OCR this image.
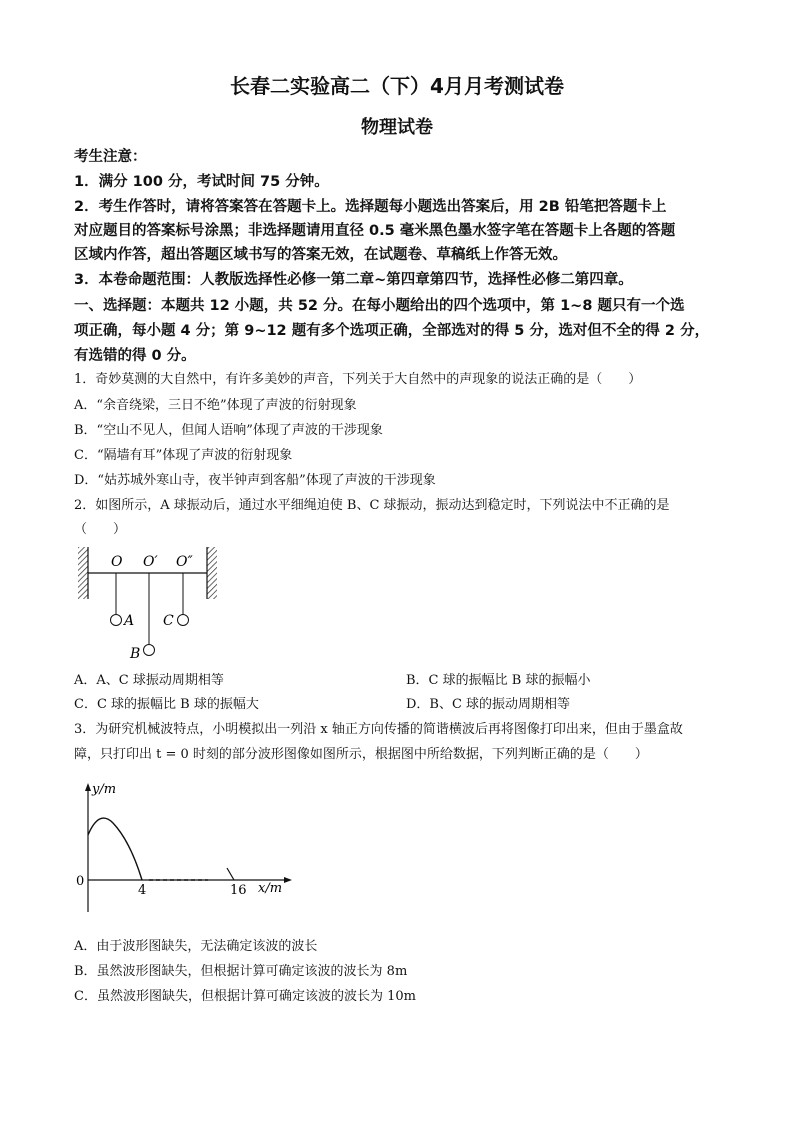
长春二实验高二（下）4月月考测试卷
物理试卷
考生注意：
1．满分 100 分，考试时间 75 分钟。
2．考生作答时，请将答案答在答题卡上。选择题每小题选出答案后，用 2B 铅笔把答题卡上
对应题目的答案标号涂黑；非选择题请用直径 0.5 毫米黑色墨水签字笔在答题卡上各题的答题
区域内作答，超出答题区域书写的答案无效，在试题卷、草稿纸上作答无效。
3．本卷命题范围：人教版选择性必修一第二章~第四章第四节，选择性必修二第四章。
一、选择题：本题共 12 小题，共 52 分。在每小题给出的四个选项中，第 1~8 题只有一个选
项正确，每小题 4 分；第 9~12 题有多个选项正确，全部选对的得 5 分，选对但不全的得 2 分，
有选错的得 0 分。
1．奇妙莫测的大自然中，有许多美妙的声音，下列关于大自然中的声现象的说法正确的是（　　）
A．“余音绕梁，三日不绝”体现了声波的衍射现象
B．“空山不见人，但闻人语响”体现了声波的干涉现象
C．“隔墙有耳”体现了声波的衍射现象
D．“姑苏城外寒山寺，夜半钟声到客船”体现了声波的干涉现象
2．如图所示，A 球振动后，通过水平细绳迫使 B、C 球振动，振动达到稳定时，下列说法中不正确的是
（　　）
O O′ O″
A
B
C
A．A、C 球振动周期相等	B．C 球的振幅比 B 球的振幅小
C．C 球的振幅比 B 球的振幅大	D．B、C 球的振动周期相等
3．为研究机械波特点，小明模拟出一列沿 x 轴正方向传播的简谐横波后再将图像打印出来，但由于墨盒故
障，只打印出 t = 0 时刻的部分波形图像如图所示，根据图中所给数据，下列判断正确的是（　　）
y/m
x/m
0
4	16
A．由于波形图缺失，无法确定该波的波长
B．虽然波形图缺失，但根据计算可确定该波的波长为 8m
C．虽然波形图缺失，但根据计算可确定该波的波长为 10m
